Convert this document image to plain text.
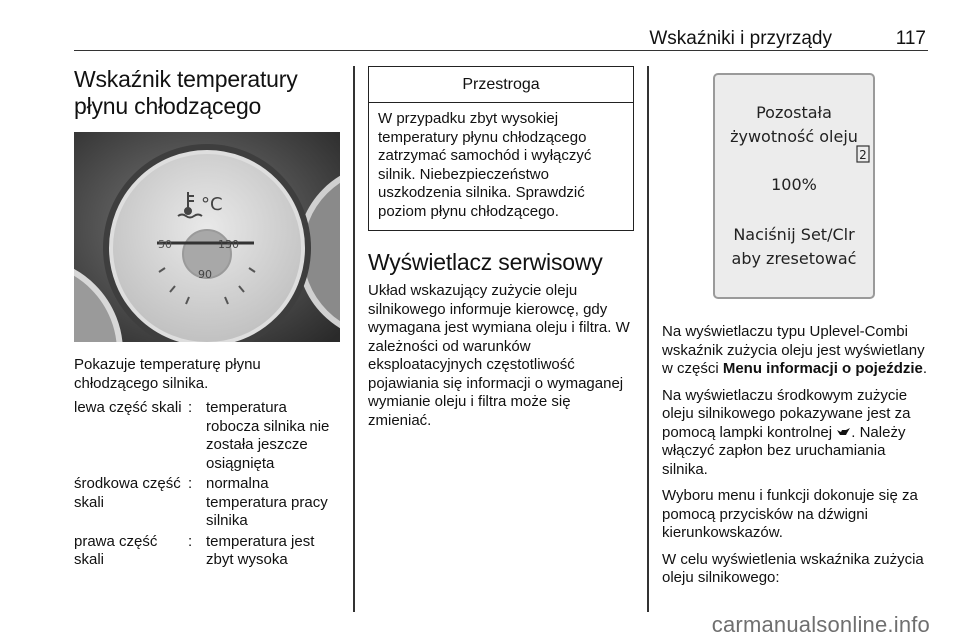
Wskaźniki i przyrządy	117
Wskaźnik temperatury
płynu chłodzącego
°C
50	130
90

Pokazuje temperaturę płynu chłodzącego silnika.

lewa część skali : temperatura robocza silnika nie została jeszcze osiągnięta
środkowa część skali
: normalna temperatura pracy silnika
prawa część skali
: temperatura jest zbyt wysoka
Przestroga

W przypadku zbyt wysokiej temperatury płynu chłodzącego zatrzymać samochód i wyłączyć silnik. Niebezpieczeństwo uszkodzenia silnika. Sprawdzić poziom płynu chłodzącego.

Wyświetlacz serwisowy

Układ wskazujący zużycie oleju silnikowego informuje kierowcę, gdy wymagana jest wymiana oleju i filtra. W zależności od warunków eksploatacyjnych częstotliwość pojawiania się informacji o wymaganej wymianie oleju i filtra może się zmieniać.

Pozostała
żywotność oleju
2
100%
Naciśnij Set/Clr
aby zresetować

Na wyświetlaczu typu Uplevel-Combi wskaźnik zużycia oleju jest wyświetlany w części Menu informacji o pojeździe.

Na wyświetlaczu środkowym zużycie oleju silnikowego pokazywane jest za pomocą lampki kontrolnej . Należy włączyć zapłon bez uruchamiania silnika.

Wyboru menu i funkcji dokonuje się za pomocą przycisków na dźwigni kierunkowskazów.

W celu wyświetlenia wskaźnika zużycia oleju silnikowego:

carmanualsonline.info
